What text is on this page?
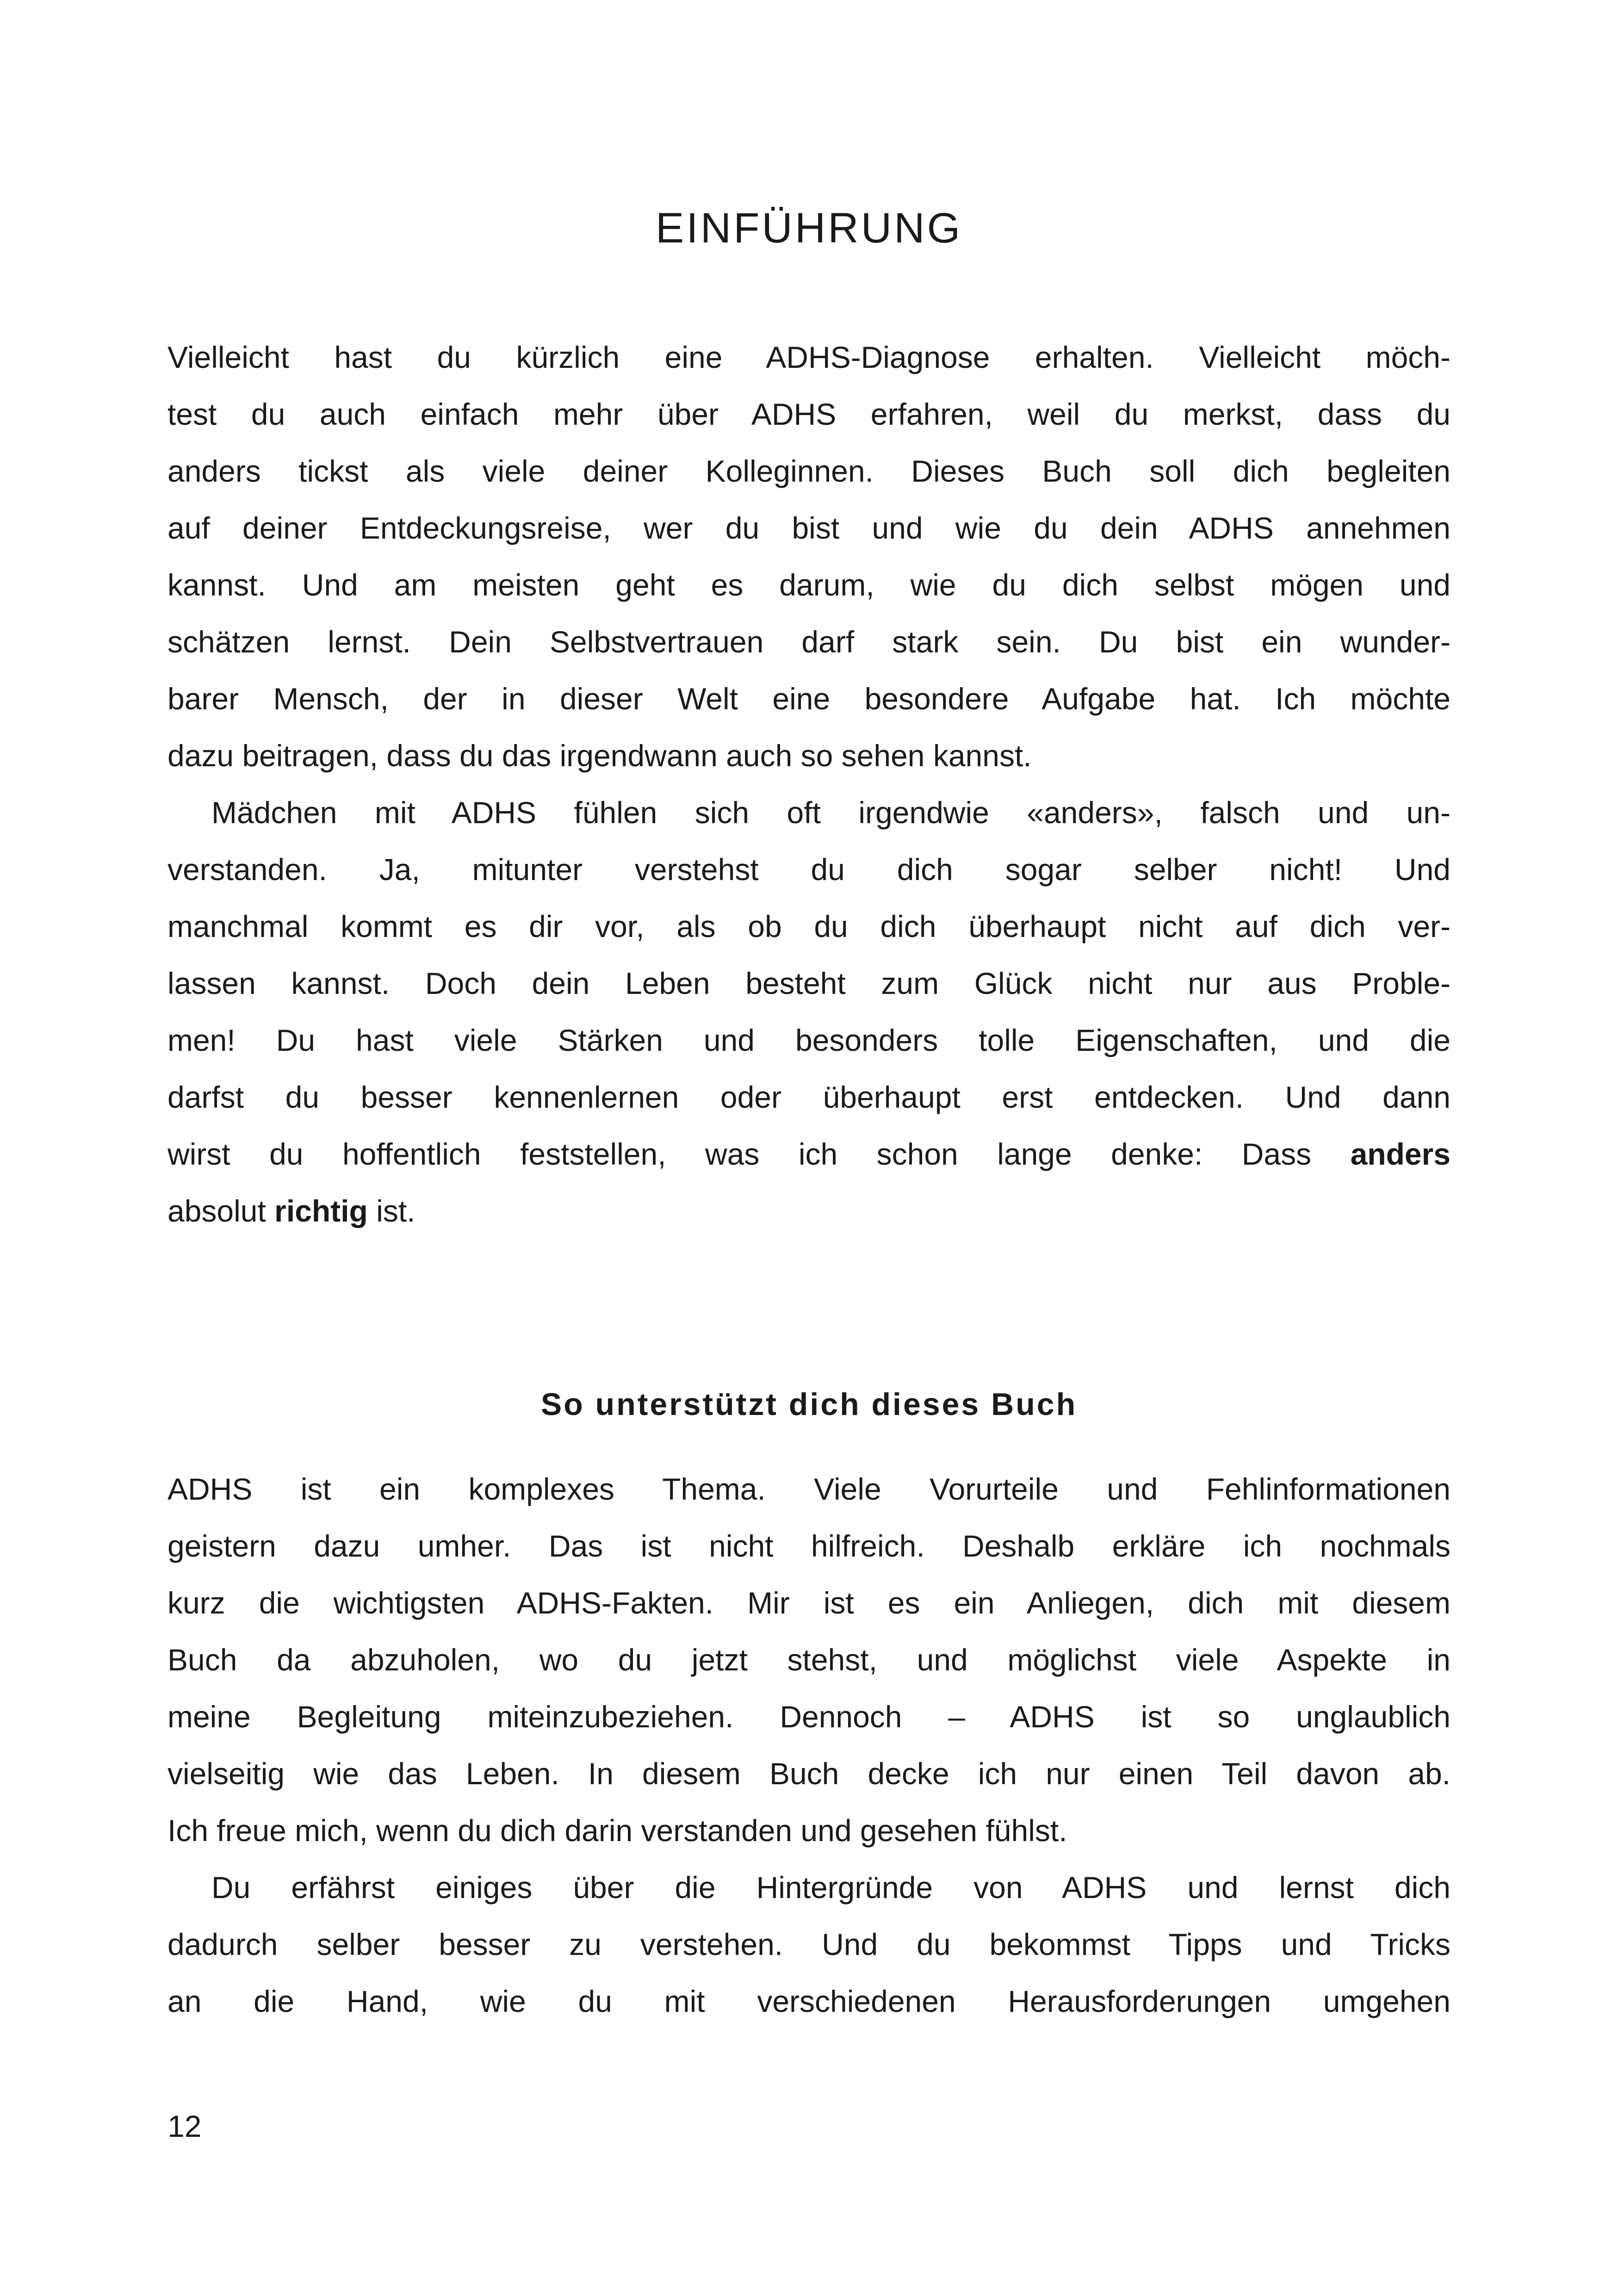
EINFÜHRUNG
Vielleicht hast du kürzlich eine ADHS-Diagnose erhalten. Vielleicht möch-
test du auch einfach mehr über ADHS erfahren, weil du merkst, dass du
anders tickst als viele deiner Kolleginnen. Dieses Buch soll dich begleiten
auf deiner Entdeckungsreise, wer du bist und wie du dein ADHS annehmen
kannst. Und am meisten geht es darum, wie du dich selbst mögen und
schätzen lernst. Dein Selbstvertrauen darf stark sein. Du bist ein wunder-
barer Mensch, der in dieser Welt eine besondere Aufgabe hat. Ich möchte
dazu beitragen, dass du das irgendwann auch so sehen kannst.
Mädchen mit ADHS fühlen sich oft irgendwie «anders», falsch und un-
verstanden. Ja, mitunter verstehst du dich sogar selber nicht! Und
manchmal kommt es dir vor, als ob du dich überhaupt nicht auf dich ver-
lassen kannst. Doch dein Leben besteht zum Glück nicht nur aus Proble-
men! Du hast viele Stärken und besonders tolle Eigenschaften, und die
darfst du besser kennenlernen oder überhaupt erst entdecken. Und dann
wirst du hoffentlich feststellen, was ich schon lange denke: Dass anders
absolut richtig ist.
So unterstützt dich dieses Buch
ADHS ist ein komplexes Thema. Viele Vorurteile und Fehlinformationen
geistern dazu umher. Das ist nicht hilfreich. Deshalb erkläre ich nochmals
kurz die wichtigsten ADHS-Fakten. Mir ist es ein Anliegen, dich mit diesem
Buch da abzuholen, wo du jetzt stehst, und möglichst viele Aspekte in
meine Begleitung miteinzubeziehen. Dennoch – ADHS ist so unglaublich
vielseitig wie das Leben. In diesem Buch decke ich nur einen Teil davon ab.
Ich freue mich, wenn du dich darin verstanden und gesehen fühlst.
Du erfährst einiges über die Hintergründe von ADHS und lernst dich
dadurch selber besser zu verstehen. Und du bekommst Tipps und Tricks
an die Hand, wie du mit verschiedenen Herausforderungen umgehen
12
